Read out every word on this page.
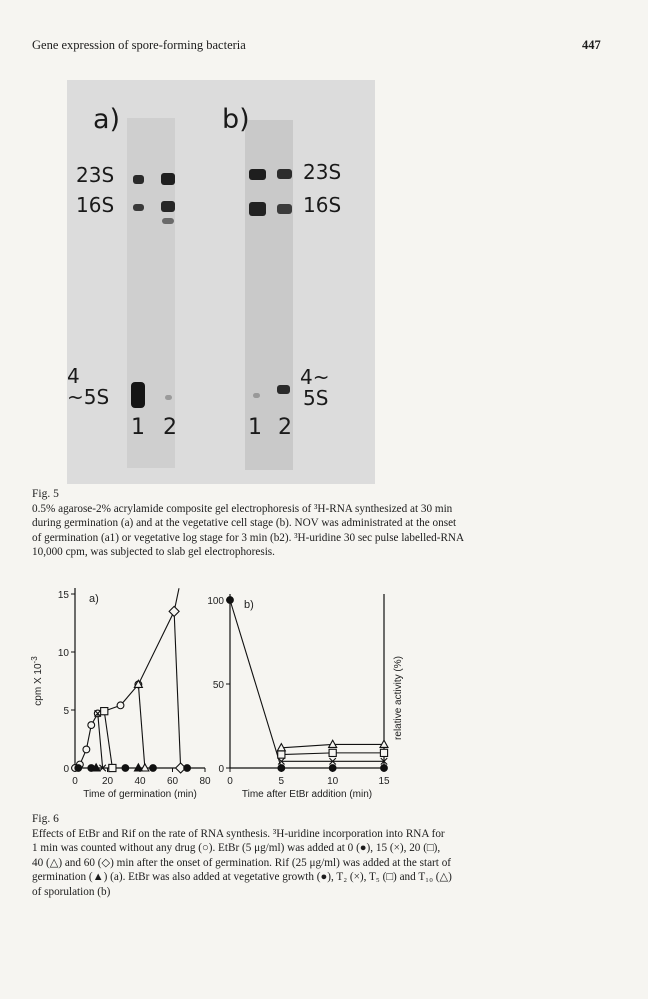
Gene expression of spore-forming bacteria	447
a)	b)
23S
16S
4
~5S
23S
16S
4~
5S
1 2	1 2
Fig. 5
0.5% agarose-2% acrylamide composite gel electrophoresis of ³H-RNA synthesized at 30 min
during germination (a) and at the vegetative cell stage (b). NOV was administrated at the onset
of germination (a1) or vegetative log stage for 3 min (b2). ³H-uridine 30 sec pulse labelled-RNA
10,000 cpm, was subjected to slab gel electrophoresis.
0
5
10
15
0 20 40 60 80
a)
Time of germination (min)
cpm X $10^{-3}$
0
50
100
0	5	10	15
b)
Time after EtBr addition (min)
relative activity (%)
Fig. 6
Effects of EtBr and Rif on the rate of RNA synthesis. ³H-uridine incorporation into RNA for
1 min was counted without any drug (○). EtBr (5 μg/ml) was added at 0 (●), 15 (×), 20 (□),
40 (△) and 60 (◇) min after the onset of germination. Rif (25 μg/ml) was added at the start of
germination (▲) (a). EtBr was also added at vegetative growth (●), T₂ (×), T₅ (□) and T₁₀ (△)
of sporulation (b)
